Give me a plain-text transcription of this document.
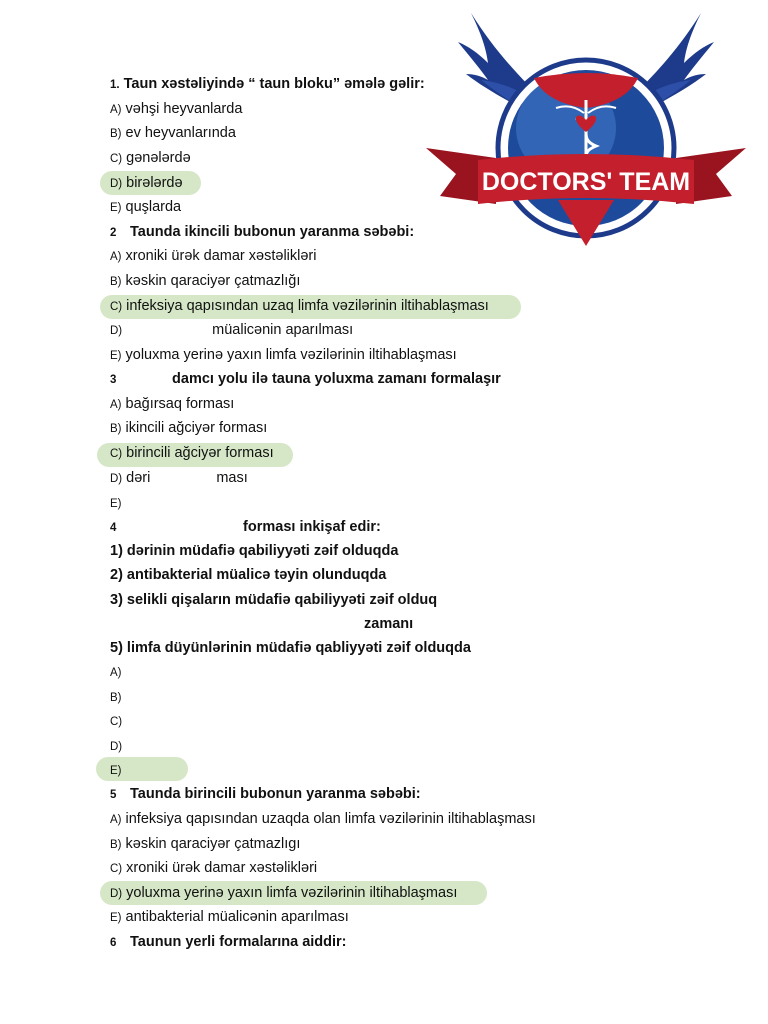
DOCTORS' TEAM
1. Taun xəstəliyində “ taun bloku” əmələ gəlir:
A) vəhşi heyvanlarda
B) ev heyvanlarında
C) gənələrdə
D) birələrdə
E) quşlarda
2 Taunda ikincili bubonun yaranma səbəbi:
A) xroniki ürək damar xəstəlikləri
B) kəskin qaraciyər çatmazlığı
C) infeksiya qapısından uzaq limfa vəzilərinin iltihablaşması
D)	müalicənin aparılması
E) yoluxma yerinə yaxın limfa vəzilərinin iltihablaşması
3	damcı yolu ilə tauna yoluxma zamanı formalaşır
A) bağırsaq forması
B) ikincili ağciyər forması
C) birincili ağciyər forması
D) dəri	ması
E)
4	forması inkişaf edir:
1) dərinin müdafiə qabiliyyəti zəif olduqda
2) antibakterial müalicə təyin olunduqda
3) selikli qişaların müdafiə qabiliyyəti zəif olduq
zamanı
5) limfa düyünlərinin müdafiə qabliyyəti zəif olduqda
A)
B)
C)
D)
E)
5 Taunda birincili bubonun yaranma səbəbi:
A) infeksiya qapısından uzaqda olan limfa vəzilərinin iltihablaşması
B) kəskin qaraciyər çatmazlıgı
C) xroniki ürək damar xəstəlikləri
D) yoluxma yerinə yaxın limfa vəzilərinin iltihablaşması
E) antibakterial müalicənin aparılması
6 Taunun yerli formalarına aiddir:
